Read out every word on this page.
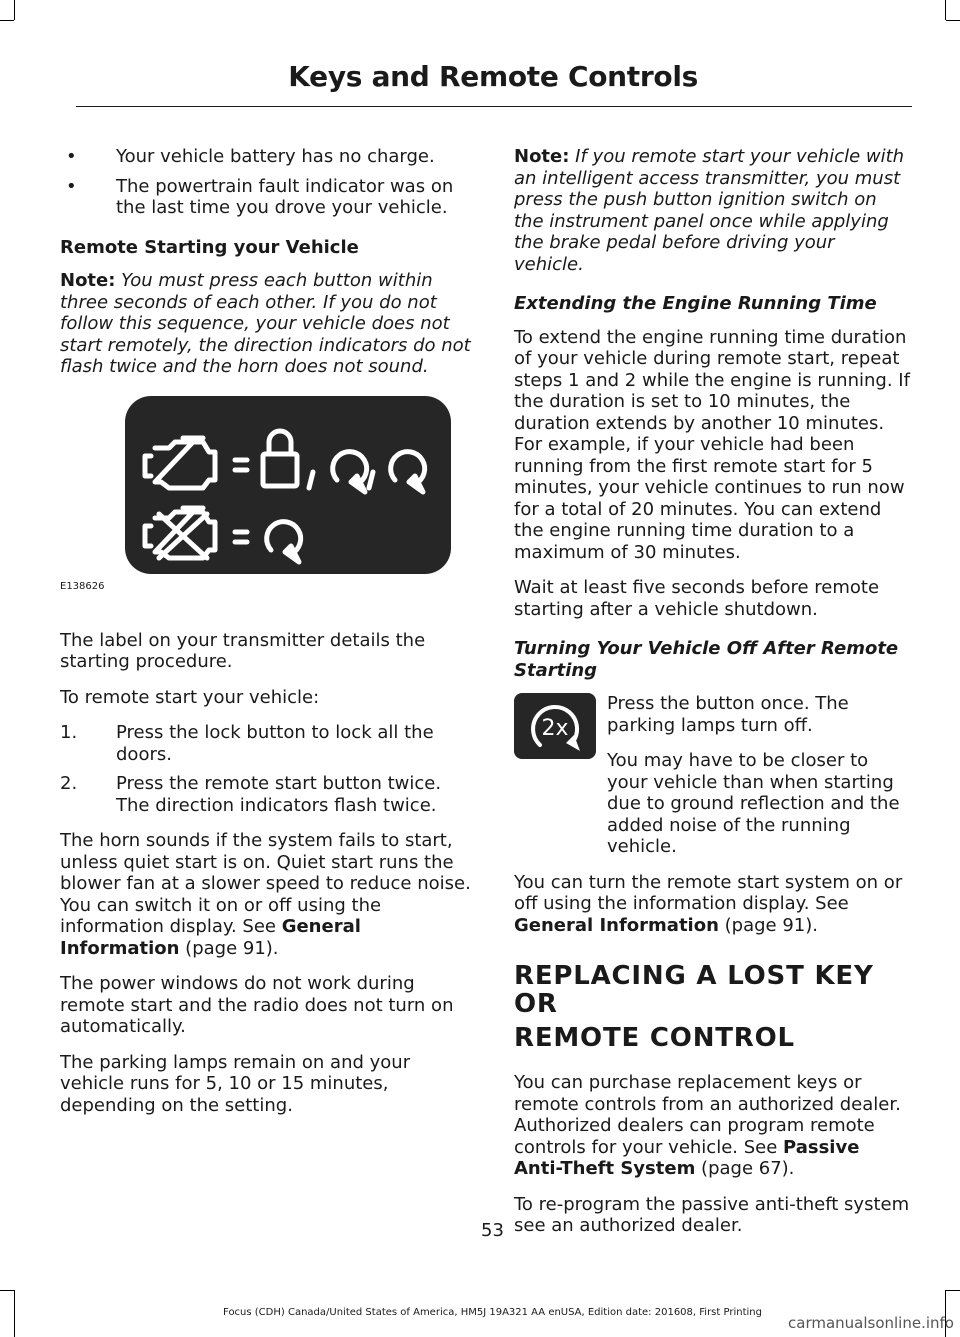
Keys and Remote Controls
• Your vehicle battery has no charge.
• The powertrain fault indicator was on the last time you drove your vehicle.
Remote Starting your Vehicle

Note: You must press each button within three seconds of each other. If you do not follow this sequence, your vehicle does not start remotely, the direction indicators do not flash twice and the horn does not sound.

E138626

The label on your transmitter details the starting procedure.

To remote start your vehicle:

1. Press the lock button to lock all the doors.
2. Press the remote start button twice. The direction indicators flash twice.

The horn sounds if the system fails to start, unless quiet start is on. Quiet start runs the blower fan at a slower speed to reduce noise. You can switch it on or off using the information display. See General Information (page 91).

The power windows do not work during remote start and the radio does not turn on automatically.

The parking lamps remain on and your vehicle runs for 5, 10 or 15 minutes, depending on the setting.

Note: If you remote start your vehicle with an intelligent access transmitter, you must press the push button ignition switch on the instrument panel once while applying the brake pedal before driving your vehicle.

Extending the Engine Running Time

To extend the engine running time duration of your vehicle during remote start, repeat steps 1 and 2 while the engine is running. If the duration is set to 10 minutes, the duration extends by another 10 minutes. For example, if your vehicle had been running from the first remote start for 5 minutes, your vehicle continues to run now for a total of 20 minutes. You can extend the engine running time duration to a maximum of 30 minutes.

Wait at least five seconds before remote starting after a vehicle shutdown.

Turning Your Vehicle Off After Remote Starting
2x

Press the button once. The parking lamps turn off.

You may have to be closer to your vehicle than when starting due to ground reflection and the added noise of the running vehicle.

You can turn the remote start system on or off using the information display. See General Information (page 91).

REPLACING A LOST KEY OR
REMOTE CONTROL

You can purchase replacement keys or remote controls from an authorized dealer. Authorized dealers can program remote controls for your vehicle. See Passive Anti-Theft System (page 67).

To re-program the passive anti-theft system see an authorized dealer.

53
Focus (CDH) Canada/United States of America, HM5J 19A321 AA enUSA, Edition date: 201608, First Printing
carmanualsonline.info
